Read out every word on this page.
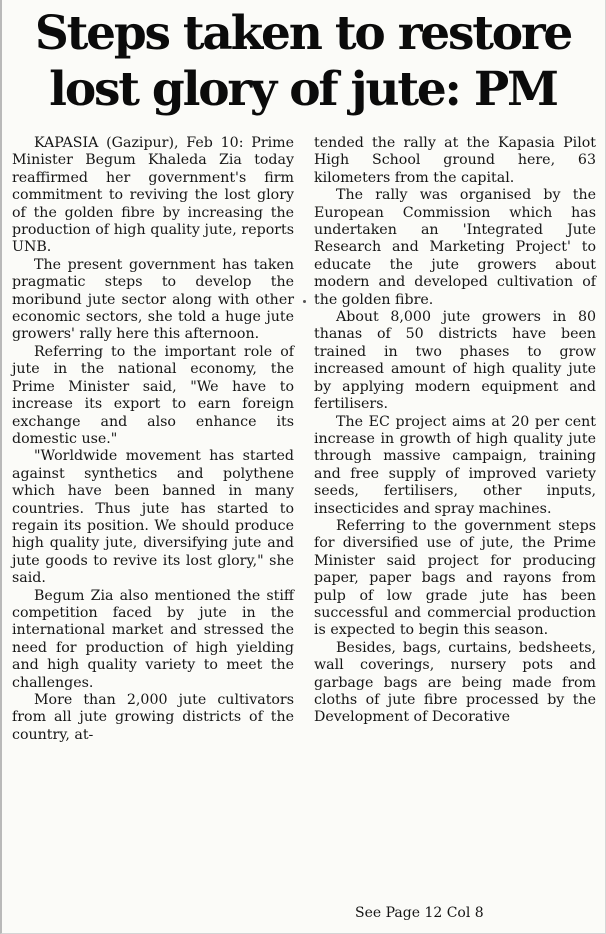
Steps taken to restore
lost glory of jute: PM

KAPASIA (Gazipur), Feb 10: Prime Minister Begum Khaleda Zia today reaffirmed her government's firm commitment to reviving the lost glory of the golden fibre by increasing the production of high quality jute, reports UNB.

The present government has taken pragmatic steps to develop the moribund jute sector along with other economic sectors, she told a huge jute growers' rally here this afternoon.

Referring to the important role of jute in the national economy, the Prime Minister said, "We have to increase its export to earn foreign exchange and also enhance its domestic use."

"Worldwide movement has started against synthetics and polythene which have been banned in many countries. Thus jute has started to regain its position. We should produce high quality jute, diversifying jute and jute goods to revive its lost glory," she said.

Begum Zia also mentioned the stiff competition faced by jute in the international market and stressed the need for production of high yielding and high quality variety to meet the challenges.

More than 2,000 jute cultivators from all jute growing districts of the country, at-

tended the rally at the Kapasia Pilot High School ground here, 63 kilometers from the capital.

The rally was organised by the European Commission which has undertaken an 'Integrated Jute Research and Marketing Project' to educate the jute growers about modern and developed cultivation of the golden fibre.

About 8,000 jute growers in 80 thanas of 50 districts have been trained in two phases to grow increased amount of high quality jute by applying modern equipment and fertilisers.

The EC project aims at 20 per cent increase in growth of high quality jute through massive campaign, training and free supply of improved variety seeds, fertilisers, other inputs, insecticides and spray machines.

Referring to the government steps for diversified use of jute, the Prime Minister said project for producing paper, paper bags and rayons from pulp of low grade jute has been successful and commercial production is expected to begin this season.

Besides, bags, curtains, bedsheets, wall coverings, nursery pots and garbage bags are being made from cloths of jute fibre processed by the Development of Decorative

See Page 12 Col 8
